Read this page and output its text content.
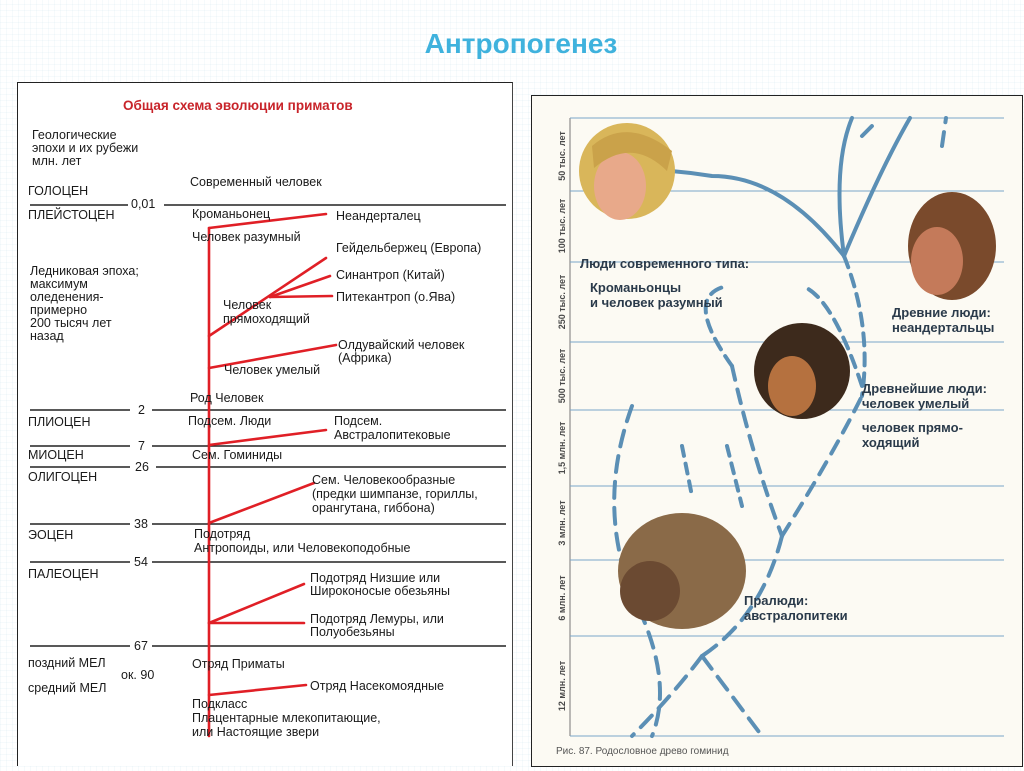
Антропогенез
Общая схема эволюции приматов
Геологические
эпохи и их рубежи
млн. лет
ГОЛОЦЕН
ПЛЕЙСТОЦЕН
ПЛИОЦЕН
МИОЦЕН
ОЛИГОЦЕН
ЭОЦЕН
ПАЛЕОЦЕН
поздний МЕЛ
средний МЕЛ
0,01
2
7
26
38
54
67
ок. 90
Ледниковая эпоха;
максимум
оледенения-
примерно
200 тысяч лет
назад
Современный человек
Кроманьонец	Неандерталец
Человек разумный
Гейдельбержец (Европа)
Синантроп (Китай)
Питекантроп (о.Ява)
Человек
прямоходящий
Олдувайский человек
(Африка)
Человек умелый
Род Человек
Подсем. Люди	Подсем.
Австралопитековые
Сем. Гоминиды
Сем. Человекообразные
(предки шимпанзе, гориллы,
орангутана, гиббона)
Подотряд
Антропоиды, или Человекоподобные
Подотряд Низшие или
Широконосые обезьяны
Подотряд Лемуры, или
Полуобезьяны
Отряд Приматы
Отряд Насекомоядные
Подкласс
Плацентарные млекопитающие,
или Настоящие звери
50 тыс. лет
100 тыс. лет
250 тыс. лет
500 тыс. лет
1,5 млн. лет
3 млн. лет
6 млн. лет
12 млн. лет
Люди современного типа:
Кроманьонцы
и человек разумный
Древние люди:
неандертальцы
Древнейшие люди:
человек умелый
человек прямо-
ходящий
Пралюди:
австралопитеки
Рис. 87. Родословное древо гоминид
